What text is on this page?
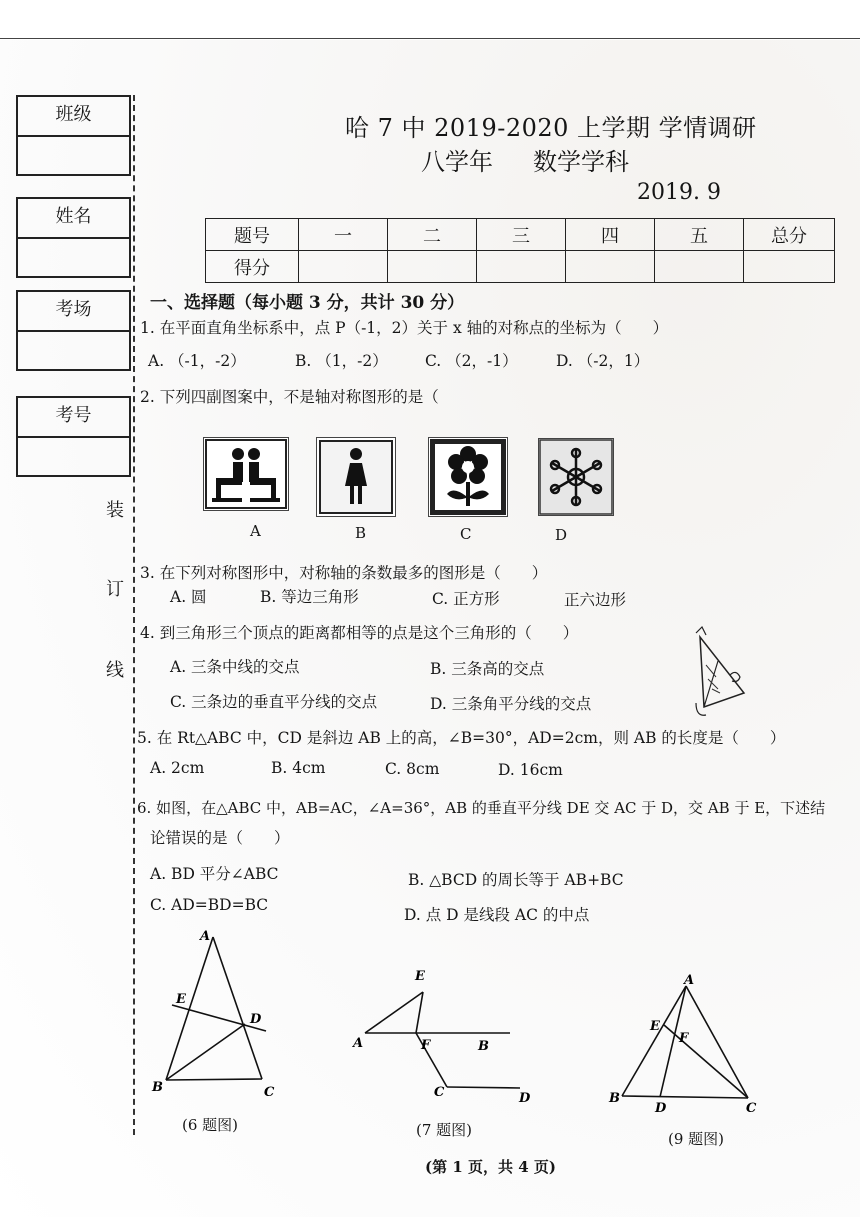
班级
姓名
考场
考号
装
订
线
哈 7 中 2019-2020 上学期 学情调研
八学年 数学学科
2019. 9
题号	一	二	三	四	五	总分
得分						
一、选择题（每小题 3 分，共计 30 分）
1. 在平面直角坐标系中，点 P（-1，2）关于 x 轴的对称点的坐标为（　　）
A. （-1，-2）	B. （1，-2） C. （2，-1） D. （-2，1）
2. 下列四副图案中，不是轴对称图形的是（
A	B	C	D
3. 在下列对称图形中，对称轴的条数最多的图形是（　　）
A. 圆	B. 等边三角形	C. 正方形	正六边形
4. 到三角形三个顶点的距离都相等的点是这个三角形的（　　）
A. 三条中线的交点	B. 三条高的交点
C. 三条边的垂直平分线的交点	D. 三条角平分线的交点
5. 在 Rt△ABC 中，CD 是斜边 AB 上的高，∠B=30°，AD=2cm，则 AB 的长度是（　　）
A. 2cm	B. 4cm	C. 8cm	D. 16cm
6. 如图，在△ABC 中，AB=AC，∠A=36°，AB 的垂直平分线 DE 交 AC 于 D，交 AB 于 E，下述结
论错误的是（　　）
A. BD 平分∠ABC	B. △BCD 的周长等于 AB+BC
C. AD=BD=BC
D. 点 D 是线段 AC 的中点
A
E
D
B	C
(6 题图)
E
A	F	B
C	D
(7 题图)
A
E
F
B
D	C
(9 题图)
(第 1 页，共 4 页)
